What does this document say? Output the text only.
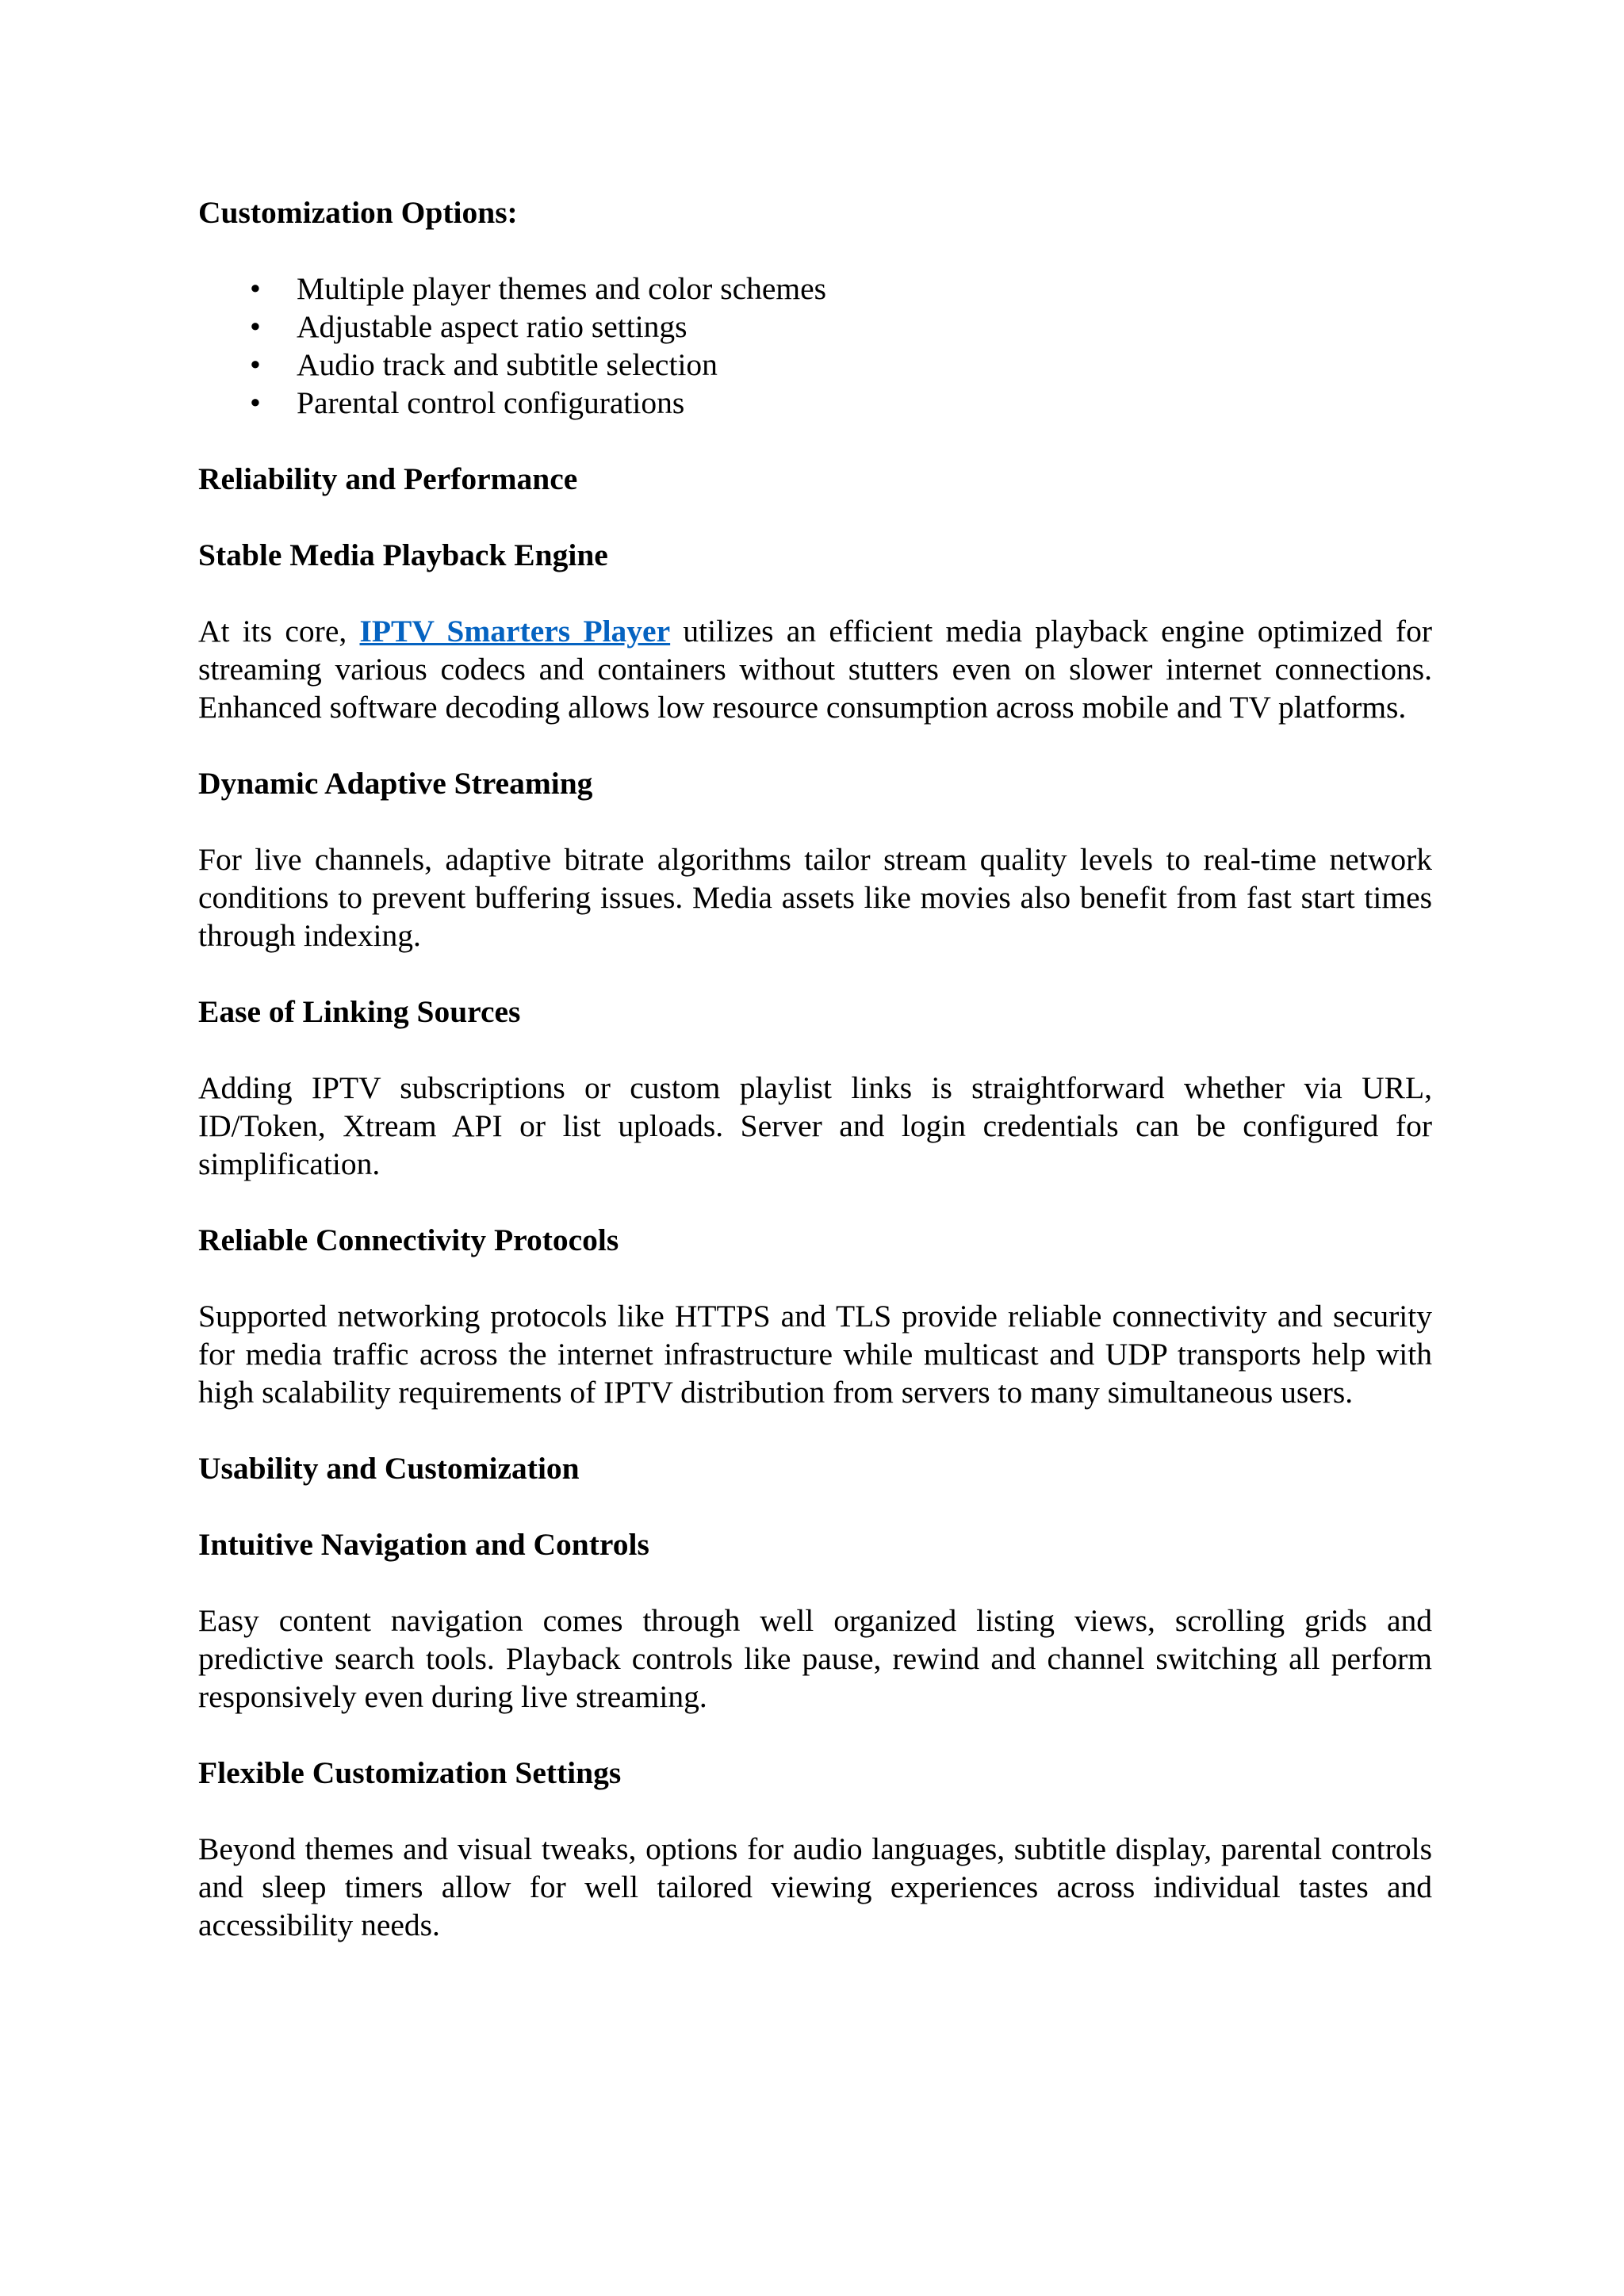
Customization Options:
• Multiple player themes and color schemes
• Adjustable aspect ratio settings
• Audio track and subtitle selection
• Parental control configurations
Reliability and Performance
Stable Media Playback Engine

At its core, IPTV Smarters Player utilizes an efficient media playback engine optimized for streaming various codecs and containers without stutters even on slower internet connections. Enhanced software decoding allows low resource consumption across mobile and TV platforms.

Dynamic Adaptive Streaming

For live channels, adaptive bitrate algorithms tailor stream quality levels to real-time network conditions to prevent buffering issues. Media assets like movies also benefit from fast start times through indexing.

Ease of Linking Sources

Adding IPTV subscriptions or custom playlist links is straightforward whether via URL, ID/Token, Xtream API or list uploads. Server and login credentials can be configured for simplification.

Reliable Connectivity Protocols

Supported networking protocols like HTTPS and TLS provide reliable connectivity and security for media traffic across the internet infrastructure while multicast and UDP transports help with high scalability requirements of IPTV distribution from servers to many simultaneous users.

Usability and Customization
Intuitive Navigation and Controls

Easy content navigation comes through well organized listing views, scrolling grids and predictive search tools. Playback controls like pause, rewind and channel switching all perform responsively even during live streaming.

Flexible Customization Settings

Beyond themes and visual tweaks, options for audio languages, subtitle display, parental controls and sleep timers allow for well tailored viewing experiences across individual tastes and accessibility needs.
